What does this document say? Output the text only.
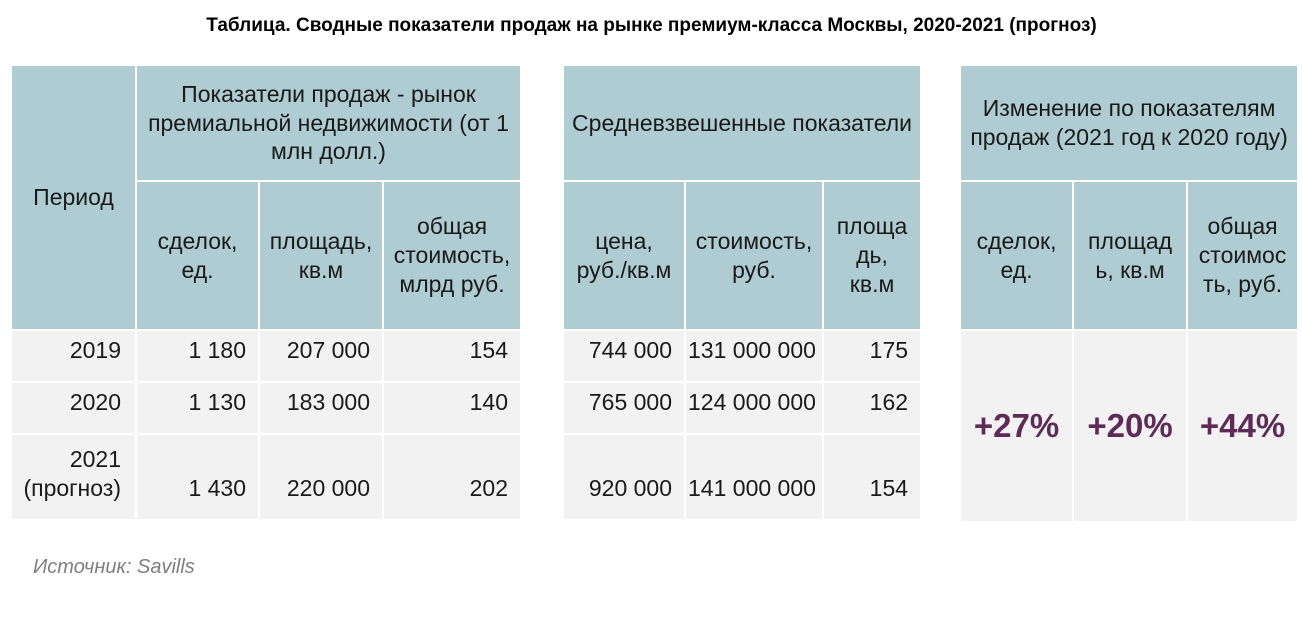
Таблица. Сводные показатели продаж на рынке премиум-класса Москвы, 2020-2021 (прогноз)
Период	Показатели продаж - рынок премиальной недвижимости (от 1 млн долл.)		
	сделок, ед.	площадь, кв.м	общая стоимость, млрд руб.
2019	1 180	207 000	154
2020	1 130	183 000	140
2021 (прогноз)	1 430	220 000	202
Средневзвешенные показатели		
цена, руб./кв.м	стоимость, руб.	площадь, кв.м
744 000	131 000 000	175
765 000	124 000 000	162
920 000	141 000 000	154
Изменение по показателям продаж (2021 год к 2020 году)		
сделок, ед.	площадь, кв.м	общая стоимость, руб.
+27%	+20%	+44%
Источник: Savills
